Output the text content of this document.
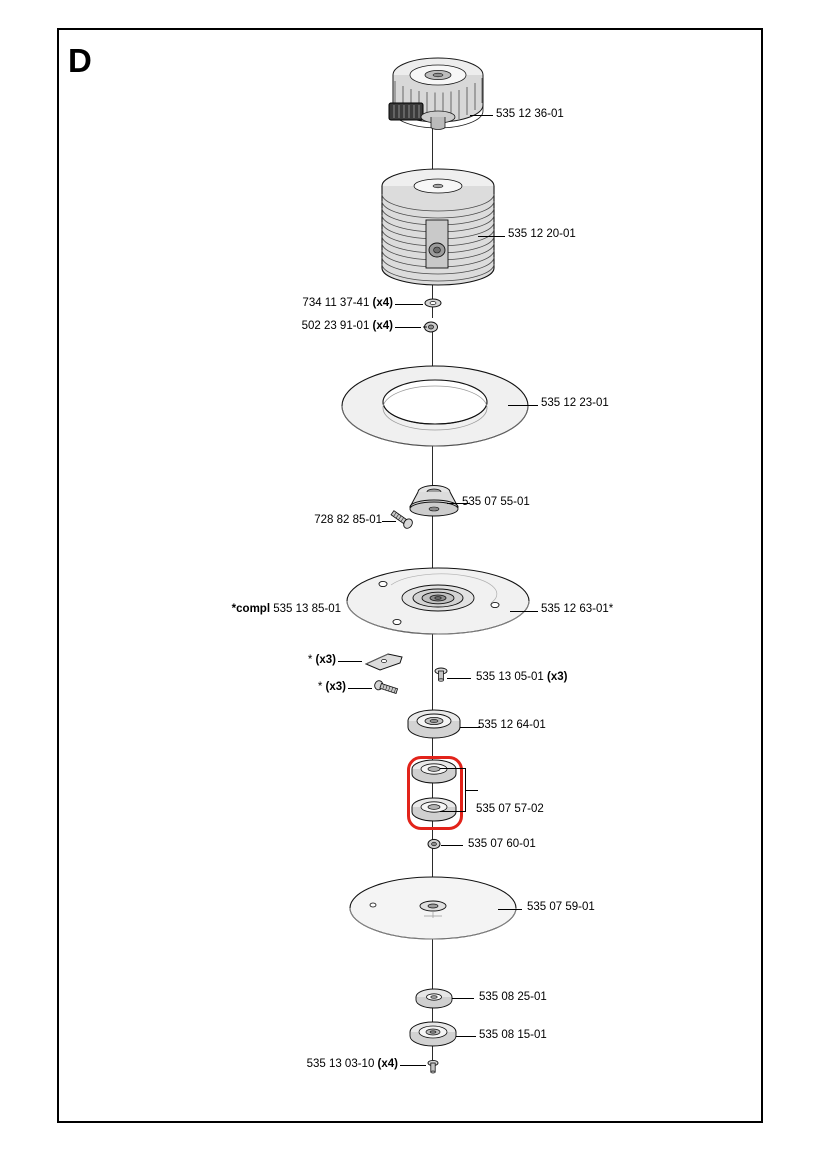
D
535 12 36-01
535 12 20-01
734 11 37-41 (x4)
502 23 91-01 (x4)
535 12 23-01
535 07 55-01
728 82 85-01
535 12 63-01*
*compl 535 13 85-01
* (x3)
* (x3)
535 13 05-01 (x3)
535 12 64-01
535 07 57-02
535 07 60-01
535 07 59-01
535 08 25-01
535 08 15-01
535 13 03-10 (x4)
